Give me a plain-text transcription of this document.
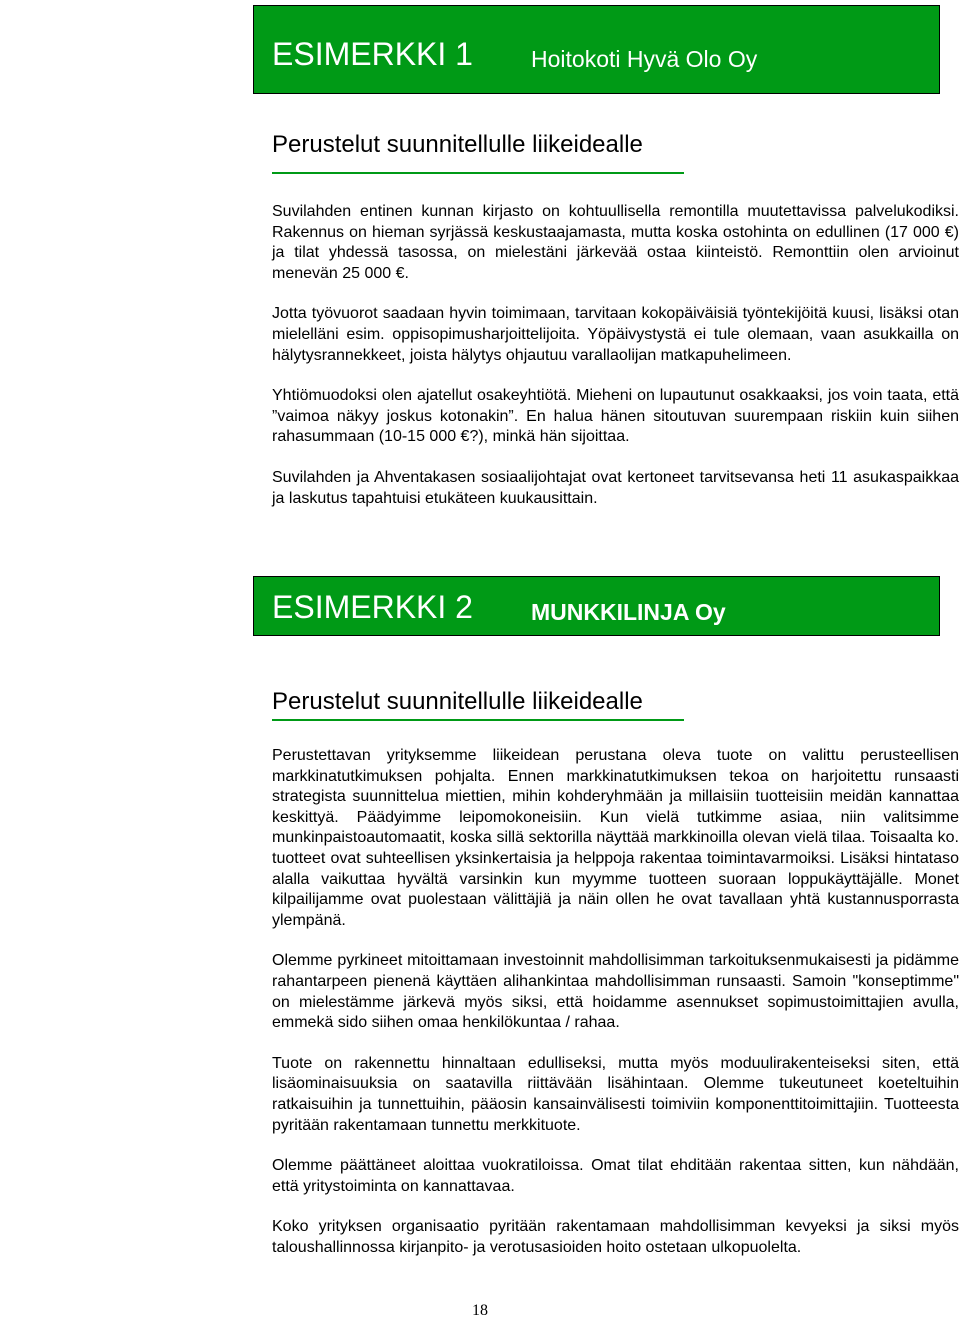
ESIMERKKI 1	Hoitokoti Hyvä Olo Oy
Perustelut suunnitellulle liikeidealle

Suvilahden entinen kunnan kirjasto on kohtuullisella remontilla muutettavissa palvelukodiksi. Rakennus on hieman syrjässä keskustaajamasta, mutta koska ostohinta on edullinen (17 000 €) ja tilat yhdessä tasossa, on mielestäni järkevää ostaa kiinteistö. Remonttiin olen arvioinut menevän 25 000 €.

Jotta työvuorot saadaan hyvin toimimaan, tarvitaan kokopäiväisiä työntekijöitä kuusi, lisäksi otan mielelläni esim. oppisopimusharjoittelijoita. Yöpäivystystä ei tule olemaan, vaan asukkailla on hälytysrannekkeet, joista hälytys ohjautuu varallaolijan matkapuhelimeen.

Yhtiömuodoksi olen ajatellut osakeyhtiötä. Mieheni on lupautunut osakkaaksi, jos voin taata, että ”vaimoa näkyy joskus kotonakin”. En halua hänen sitoutuvan suurempaan riskiin kuin siihen rahasummaan (10-15 000 €?), minkä hän sijoittaa.

Suvilahden ja Ahventakasen sosiaalijohtajat ovat kertoneet tarvitsevansa heti 11 asukaspaikkaa ja laskutus tapahtuisi etukäteen kuukausittain.

ESIMERKKI 2	MUNKKILINJA Oy
Perustelut suunnitellulle liikeidealle

Perustettavan yrityksemme liikeidean perustana oleva tuote on valittu perusteellisen markkinatutkimuksen pohjalta. Ennen markkinatutkimuksen tekoa on harjoitettu runsaasti strategista suunnittelua miettien, mihin kohderyhmään ja millaisiin tuotteisiin meidän kannattaa keskittyä. Päädyimme leipomokoneisiin. Kun vielä tutkimme asiaa, niin valitsimme munkinpaistoautomaatit, koska sillä sektorilla näyttää markkinoilla olevan vielä tilaa. Toisaalta ko. tuotteet ovat suhteellisen yksinkertaisia ja helppoja rakentaa toimintavarmoiksi. Lisäksi hintataso alalla vaikuttaa hyvältä varsinkin kun myymme tuotteen suoraan loppukäyttäjälle. Monet kilpailijamme ovat puolestaan välittäjiä ja näin ollen he ovat tavallaan yhtä kustannusporrasta ylempänä.

Olemme pyrkineet mitoittamaan investoinnit mahdollisimman tarkoituksenmukaisesti ja pidämme rahantarpeen pienenä käyttäen alihankintaa mahdollisimman runsaasti. Samoin "konseptimme" on mielestämme järkevä myös siksi, että hoidamme asennukset sopimustoimittajien avulla, emmekä sido siihen omaa henkilökuntaa / rahaa.

Tuote on rakennettu hinnaltaan edulliseksi, mutta myös moduulirakenteiseksi siten, että lisäominaisuuksia on saatavilla riittävään lisähintaan. Olemme tukeutuneet koeteltuihin ratkaisuihin ja tunnettuihin, pääosin kansainvälisesti toimiviin komponenttitoimittajiin. Tuotteesta pyritään rakentamaan tunnettu merkkituote.

Olemme päättäneet aloittaa vuokratiloissa. Omat tilat ehditään rakentaa sitten, kun nähdään, että yritystoiminta on kannattavaa.

Koko yrityksen organisaatio pyritään rakentamaan mahdollisimman kevyeksi ja siksi myös taloushallinnossa kirjanpito- ja verotusasioiden hoito ostetaan ulkopuolelta.

18
